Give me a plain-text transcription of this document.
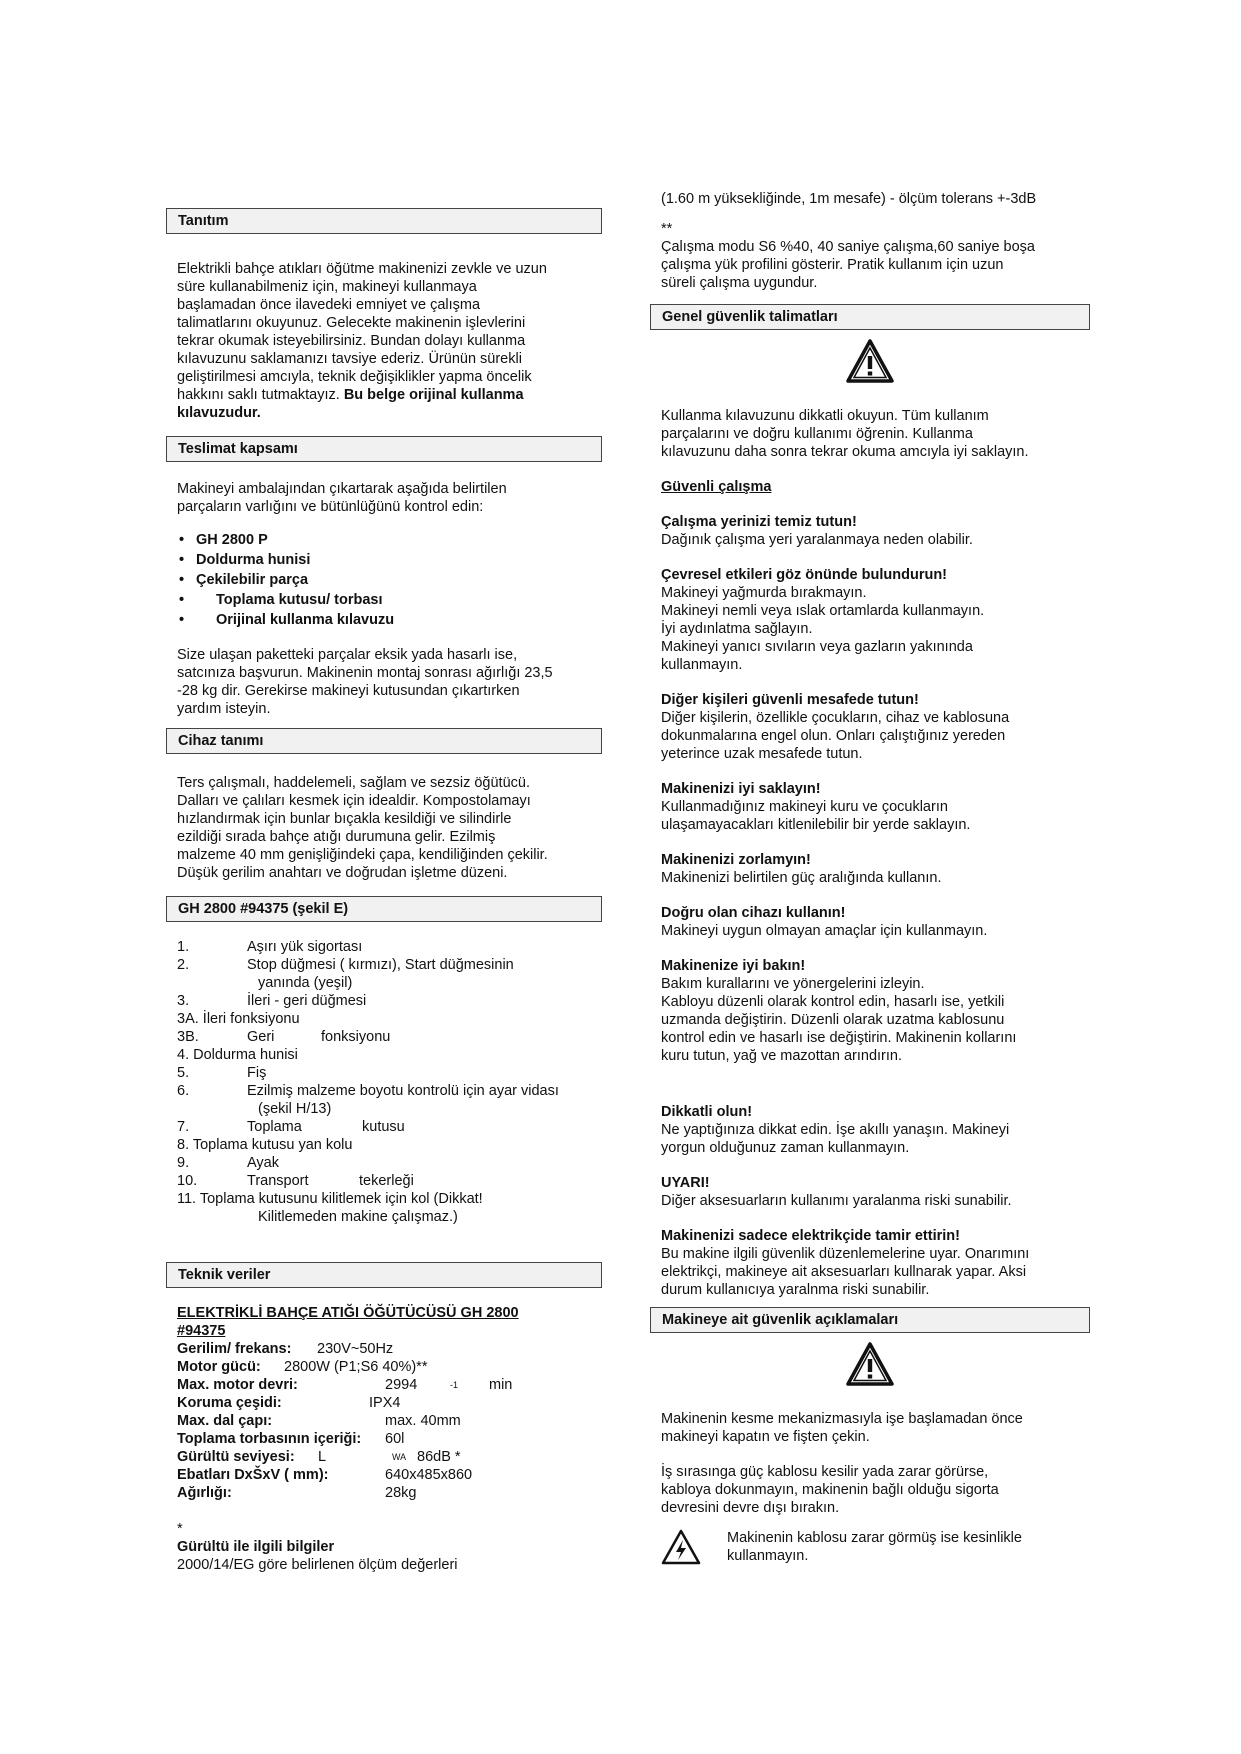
Tanıtım

Elektrikli bahçe atıkları öğütme makinenizi zevkle ve uzun

süre kullanabilmeniz için, makineyi kullanmaya

başlamadan önce ilavedeki emniyet ve çalışma

talimatlarını okuyunuz. Gelecekte makinenin işlevlerini

tekrar okumak isteyebilirsiniz. Bundan dolayı kullanma

kılavuzunu saklamanızı tavsiye ederiz. Ürünün sürekli

geliştirilmesi amcıyla, teknik değişiklikler yapma öncelik

hakkını saklı tutmaktayız. Bu belge orijinal kullanma

kılavuzudur.

Teslimat kapsamı

Makineyi ambalajından çıkartarak aşağıda belirtilen

parçaların varlığını ve bütünlüğünü kontrol edin:

• GH 2800 P
• Doldurma hunisi
• Çekilebilir parça
• Toplama kutusu/ torbası
• Orijinal kullanma kılavuzu

Size ulaşan paketteki parçalar eksik yada hasarlı ise,

satcınıza başvurun. Makinenin montaj sonrası ağırlığı 23,5

-28 kg dir. Gerekirse makineyi kutusundan çıkartırken

yardım isteyin.

Cihaz tanımı

Ters çalışmalı, haddelemeli, sağlam ve sezsiz öğütücü.

Dalları ve çalıları kesmek için idealdir. Kompostolamayı

hızlandırmak için bunlar bıçakla kesildiği ve silindirle

ezildiği sırada bahçe atığı durumuna gelir. Ezilmiş

malzeme 40 mm genişliğindeki çapa, kendiliğinden çekilir.

Düşük gerilim anahtarı ve doğrudan işletme düzeni.

GH 2800 #94375 (şekil E)
1.	Aşırı yük sigortası
2.	Stop düğmesi ( kırmızı), Start düğmesinin
yanında (yeşil)
3.	İleri - geri düğmesi
3A. İleri fonksiyonu
3B.	Geri	fonksiyonu
4. Doldurma hunisi
5.	Fiş
6.	Ezilmiş malzeme boyotu kontrolü için ayar vidası
(şekil H/13)
7.	Toplama	kutusu
8. Toplama kutusu yan kolu
9.	Ayak
10.	Transport	tekerleği
11. Toplama kutusunu kilitlemek için kol (Dikkat!
Kilitlemeden makine çalışmaz.)
Teknik veriler
ELEKTRİKLİ BAHÇE ATIĞI ÖĞÜTÜCÜSÜ GH 2800
#94375
Gerilim/ frekans: 230V~50Hz
Motor gücü: 2800W (P1;S6 40%)**
Max. motor devri:	2994	-1 min
Koruma çeşidi:	IPX4
Max. dal çapı:	max. 40mm
Toplama torbasının içeriği: 60l
Gürültü seviyesi: L	WA 86dB *
Ebatları DxŠxV ( mm):	640x485x860
Ağırlığı:	28kg
*
Gürültü ile ilgili bilgiler
2000/14/EG göre belirlenen ölçüm değerleri

(1.60 m yüksekliğinde, 1m mesafe) - ölçüm tolerans +-3dB

**

Çalışma modu S6 %40, 40 saniye çalışma,60 saniye boşa

çalışma yük profilini gösterir. Pratik kullanım için uzun

süreli çalışma uygundur.

Genel güvenlik talimatları

Kullanma kılavuzunu dikkatli okuyun. Tüm kullanım

parçalarını ve doğru kullanımı öğrenin. Kullanma

kılavuzunu daha sonra tekrar okuma amcıyla iyi saklayın.

Güvenli çalışma

Çalışma yerinizi temiz tutun!

Dağınık çalışma yeri yaralanmaya neden olabilir.

Çevresel etkileri göz önünde bulundurun!

Makineyi yağmurda bırakmayın.

Makineyi nemli veya ıslak ortamlarda kullanmayın.

İyi aydınlatma sağlayın.

Makineyi yanıcı sıvıların veya gazların yakınında

kullanmayın.

Diğer kişileri güvenli mesafede tutun!

Diğer kişilerin, özellikle çocukların, cihaz ve kablosuna

dokunmalarına engel olun. Onları çalıştığınız yereden

yeterince uzak mesafede tutun.

Makinenizi iyi saklayın!

Kullanmadığınız makineyi kuru ve çocukların

ulaşamayacakları kitlenilebilir bir yerde saklayın.

Makinenizi zorlamyın!

Makinenizi belirtilen güç aralığında kullanın.

Doğru olan cihazı kullanın!

Makineyi uygun olmayan amaçlar için kullanmayın.

Makinenize iyi bakın!

Bakım kurallarını ve yönergelerini izleyin.

Kabloyu düzenli olarak kontrol edin, hasarlı ise, yetkili

uzmanda değiştirin. Düzenli olarak uzatma kablosunu

kontrol edin ve hasarlı ise değiştirin. Makinenin kollarını

kuru tutun, yağ ve mazottan arındırın.

Dikkatli olun!

Ne yaptığınıza dikkat edin. İşe akıllı yanaşın. Makineyi

yorgun olduğunuz zaman kullanmayın.

UYARI!

Diğer aksesuarların kullanımı yaralanma riski sunabilir.

Makinenizi sadece elektrikçide tamir ettirin!

Bu makine ilgili güvenlik düzenlemelerine uyar. Onarımını

elektrikçi, makineye ait aksesuarları kullnarak yapar. Aksi

durum kullanıcıya yaralnma riski sunabilir.

Makineye ait güvenlik açıklamaları

Makinenin kesme mekanizmasıyla işe başlamadan önce

makineyi kapatın ve fişten çekin.

İş sırasınga güç kablosu kesilir yada zarar görürse,

kabloya dokunmayın, makinenin bağlı olduğu sigorta

devresini devre dışı bırakın.

Makinenin kablosu zarar görmüş ise kesinlikle
kullanmayın.
